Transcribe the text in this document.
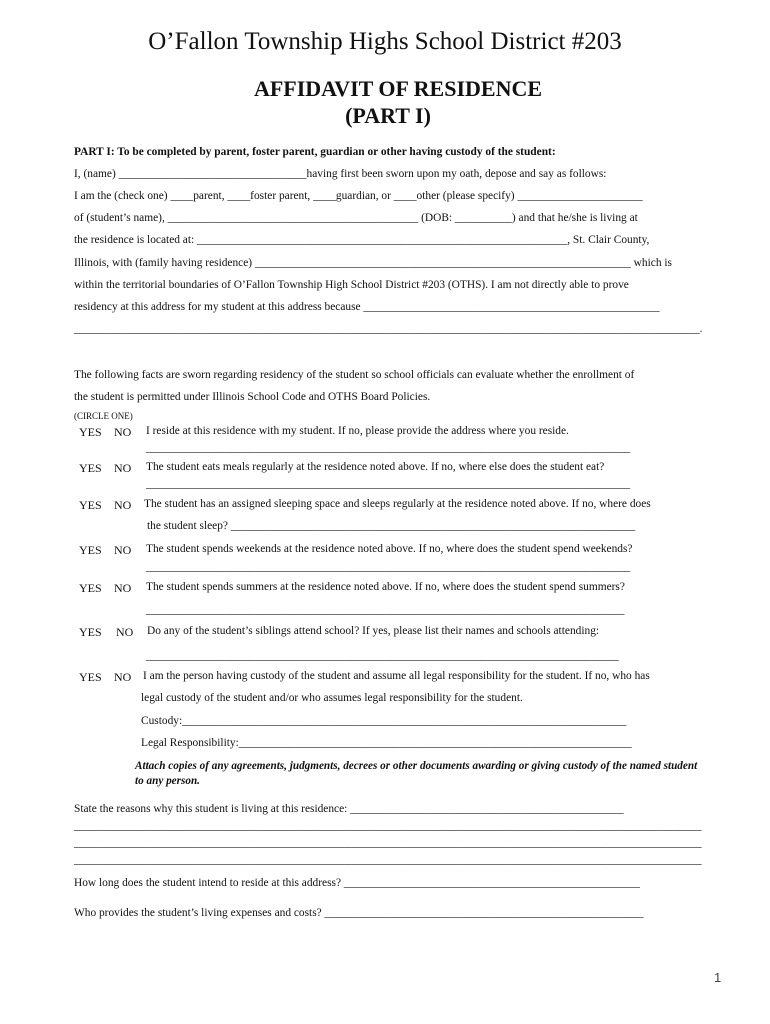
O’Fallon Township Highs School District #203
AFFIDAVIT OF RESIDENCE
(PART I)
PART I: To be completed by parent, foster parent, guardian or other having custody of the student:
I, (name) _________________________________having first been sworn upon my oath, depose and say as follows:
I am the (check one) ____parent, ____foster parent, ____guardian, or ____other (please specify) ______________________
of (student’s name), ____________________________________________ (DOB: __________) and that he/she is living at
the residence is located at: _________________________________________________________________, St. Clair County,
Illinois, with (family having residence) __________________________________________________________________ which is
within the territorial boundaries of O’Fallon Township High School District #203 (OTHS). I am not directly able to prove
residency at this address for my student at this address because ____________________________________________________
_________________________________________________________________________________________________________________.
The following facts are sworn regarding residency of the student so school officials can evaluate whether the enrollment of
the student is permitted under Illinois School Code and OTHS Board Policies.
(CIRCLE ONE)
YES NO I reside at this residence with my student. If no, please provide the address where you reside.
_____________________________________________________________________________________
YES NO The student eats meals regularly at the residence noted above. If no, where else does the student eat?
_____________________________________________________________________________________
YES NO The student has an assigned sleeping space and sleeps regularly at the residence noted above. If no, where does
the student sleep? _______________________________________________________________________
YES NO The student spends weekends at the residence noted above. If no, where does the student spend weekends?
_____________________________________________________________________________________
YES NO The student spends summers at the residence noted above. If no, where does the student spend summers?
____________________________________________________________________________________
YES NO Do any of the student’s siblings attend school? If yes, please list their names and schools attending:
___________________________________________________________________________________
YES NO I am the person having custody of the student and assume all legal responsibility for the student. If no, who has
legal custody of the student and/or who assumes legal responsibility for the student.
Custody:______________________________________________________________________________
Legal Responsibility:_____________________________________________________________________
Attach copies of any agreements, judgments, decrees or other documents awarding or giving custody of the named student to any person.
State the reasons why this student is living at this residence: ________________________________________________
_________________________________________________________________________________________________________________
_________________________________________________________________________________________________________________
_________________________________________________________________________________________________________________
How long does the student intend to reside at this address? ____________________________________________________
Who provides the student’s living expenses and costs? ________________________________________________________
1
